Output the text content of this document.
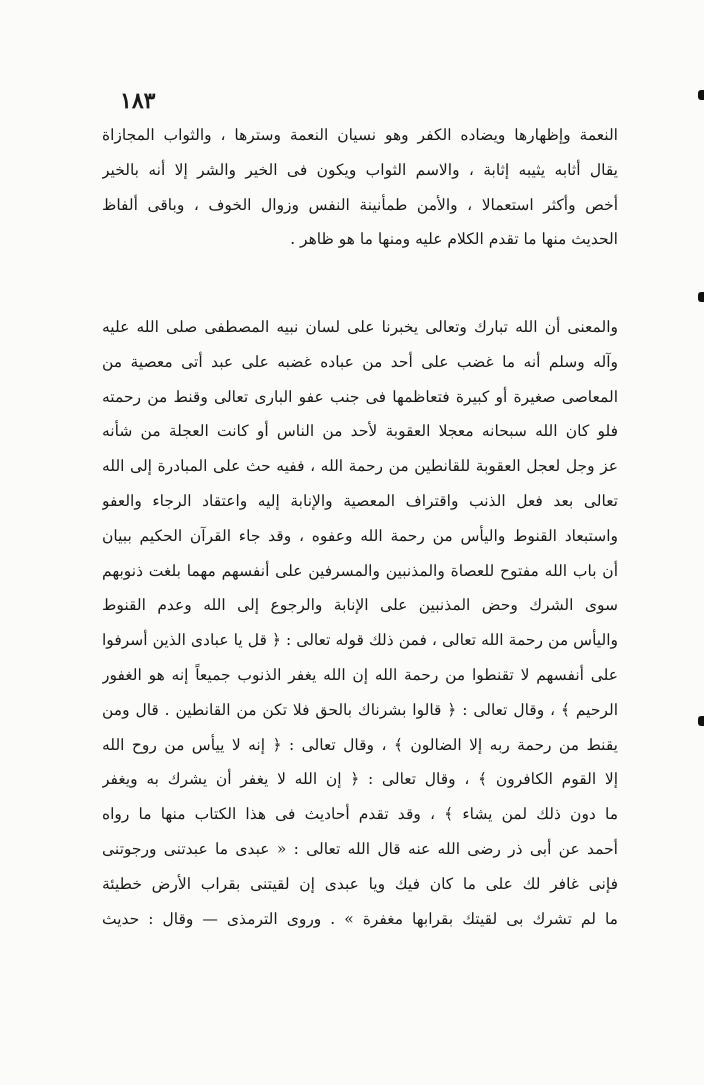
١٨٣
النعمة وإظهارها ويضاده الكفر وهو نسيان النعمة وسترها ، والثواب المجازاة
يقال أثابه يثيبه إثابة ، والاسم الثواب ويكون فى الخير والشر إلا أنه بالخير
أخص وأكثر استعمالا ، والأمن طمأنينة النفس وزوال الخوف ، وباقى ألفاظ
الحديث منها ما تقدم الكلام عليه ومنها ما هو ظاهر .
والمعنى أن الله تبارك وتعالى يخبرنا على لسان نبيه المصطفى صلى الله عليه
وآله وسلم أنه ما غضب على أحد من عباده غضبه على عبد أتى معصية من
المعاصى صغيرة أو كبيرة فتعاظمها فى جنب عفو البارى تعالى وقنط من رحمته
فلو كان الله سبحانه معجلا العقوبة لأحد من الناس أو كانت العجلة من شأنه
عز وجل لعجل العقوبة للقانطين من رحمة الله ، ففيه حث على المبادرة إلى الله
تعالى بعد فعل الذنب واقتراف المعصية والإنابة إليه واعتقاد الرجاء والعفو
واستبعاد القنوط واليأس من رحمة الله وعفوه ، وقد جاء القرآن الحكيم ببيان
أن باب الله مفتوح للعصاة والمذنبين والمسرفين على أنفسهم مهما بلغت ذنوبهم
سوى الشرك وحض المذنبين على الإنابة والرجوع إلى الله وعدم القنوط
واليأس من رحمة الله تعالى ، فمن ذلك قوله تعالى : ﴿ قل يا عبادى الذين أسرفوا
على أنفسهم لا تقنطوا من رحمة الله إن الله يغفر الذنوب جميعاً إنه هو الغفور
الرحيم ﴾ ، وقال تعالى : ﴿ قالوا بشرناك بالحق فلا تكن من القانطين . قال ومن
يقنط من رحمة ربه إلا الضالون ﴾ ، وقال تعالى : ﴿ إنه لا ييأس من روح الله
إلا القوم الكافرون ﴾ ، وقال تعالى : ﴿ إن الله لا يغفر أن يشرك به ويغفر
ما دون ذلك لمن يشاء ﴾ ، وقد تقدم أحاديث فى هذا الكتاب منها ما رواه
أحمد عن أبى ذر رضى الله عنه قال الله تعالى : « عبدى ما عبدتنى ورجوتنى
فإنى غافر لك على ما كان فيك ويا عبدى إن لقيتنى بقراب الأرض خطيئة
ما لم تشرك بى لقيتك بقرابها مغفرة » . وروى الترمذى — وقال : حديث
